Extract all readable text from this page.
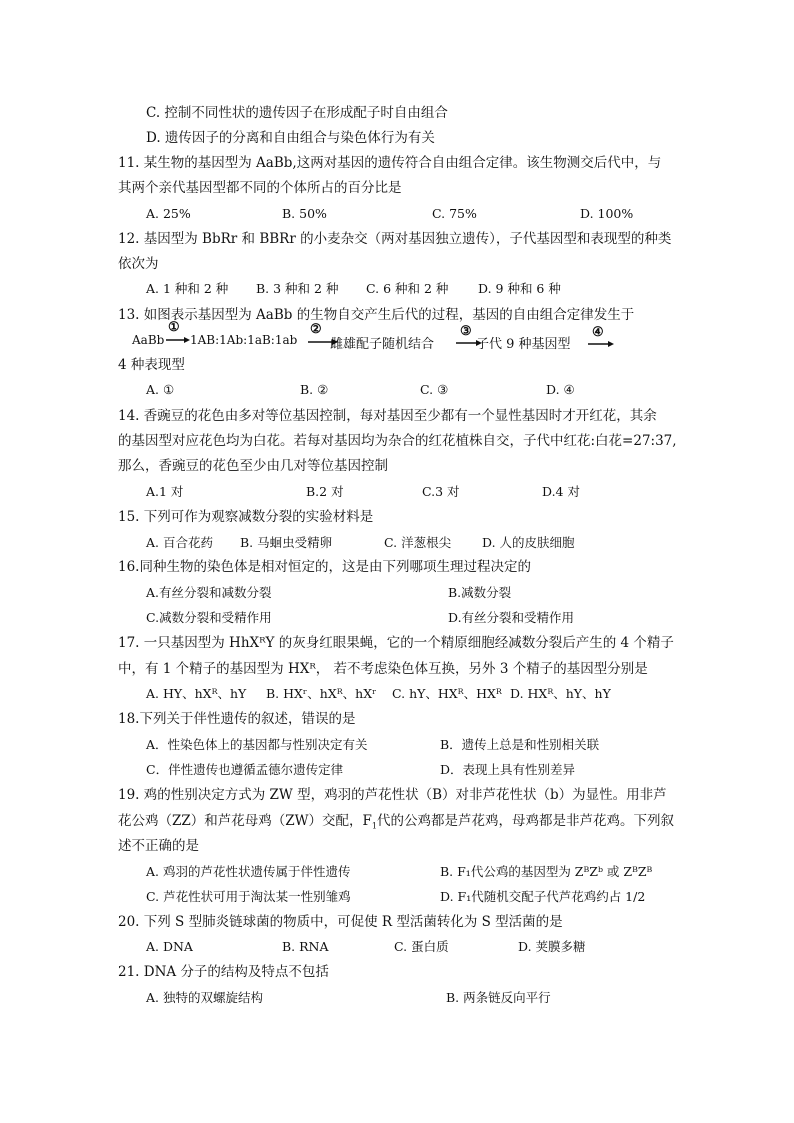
C. 控制不同性状的遗传因子在形成配子时自由组合
D. 遗传因子的分离和自由组合与染色体行为有关
11. 某生物的基因型为 AaBb,这两对基因的遗传符合自由组合定律。该生物测交后代中，与
其两个亲代基因型都不同的个体所占的百分比是
A. 25%	B. 50%	C. 75%	D. 100%
12. 基因型为 BbRr 和 BBRr 的小麦杂交（两对基因独立遗传），子代基因型和表现型的种类
依次为
A. 1 种和 2 种 B. 3 种和 2 种 C. 6 种和 2 种 D. 9 种和 6 种
13. 如图表示基因型为 AaBb 的生物自交产生后代的过程，基因的自由组合定律发生于
AaBb
①
1AB:1Ab:1aB:1ab
②
雌雄配子随机结合
③
子代 9 种基因型
④
4 种表现型
A. ①	B. ②	C. ③	D. ④
14. 香豌豆的花色由多对等位基因控制，每对基因至少都有一个显性基因时才开红花，其余
的基因型对应花色均为白花。若每对基因均为杂合的红花植株自交，子代中红花:白花=27:37,
那么，香豌豆的花色至少由几对等位基因控制
A.1 对	B.2 对	C.3 对	D.4 对
15. 下列可作为观察减数分裂的实验材料是
A. 百合花药 B. 马蛔虫受精卵	C. 洋葱根尖 D. 人的皮肤细胞
16.同种生物的染色体是相对恒定的，这是由下列哪项生理过程决定的
A.有丝分裂和减数分裂	B.减数分裂
C.减数分裂和受精作用	D.有丝分裂和受精作用
17. 一只基因型为 HhXᴿY 的灰身红眼果蝇，它的一个精原细胞经减数分裂后产生的 4 个精子
中，有 1 个精子的基因型为 HXᴿ， 若不考虑染色体互换，另外 3 个精子的基因型分别是
A. HY、hXᴿ、hY B. HXʳ、hXᴿ、hXʳ C. hY、HXᴿ、HXᴿ D. HXᴿ、hY、hY
18.下列关于伴性遗传的叙述，错误的是
A．性染色体上的基因都与性别决定有关	B．遗传上总是和性别相关联
C．伴性遗传也遵循孟德尔遗传定律	D．表现上具有性别差异
19. 鸡的性别决定方式为 ZW 型，鸡羽的芦花性状（B）对非芦花性状（b）为显性。用非芦
花公鸡（ZZ）和芦花母鸡（ZW）交配，$F_1$代的公鸡都是芦花鸡，母鸡都是非芦花鸡。下列叙
述不正确的是
A. 鸡羽的芦花性状遗传属于伴性遗传	B. F₁代公鸡的基因型为 ZᴮZᵇ 或 ZᴮZᴮ
C. 芦花性状可用于淘汰某一性别雏鸡	D. F₁代随机交配子代芦花鸡约占 1/2
20. 下列 S 型肺炎链球菌的物质中，可促使 R 型活菌转化为 S 型活菌的是
A. DNA	B. RNA	C. 蛋白质	D. 荚膜多糖
21. DNA 分子的结构及特点不包括
A. 独特的双螺旋结构	B. 两条链反向平行
